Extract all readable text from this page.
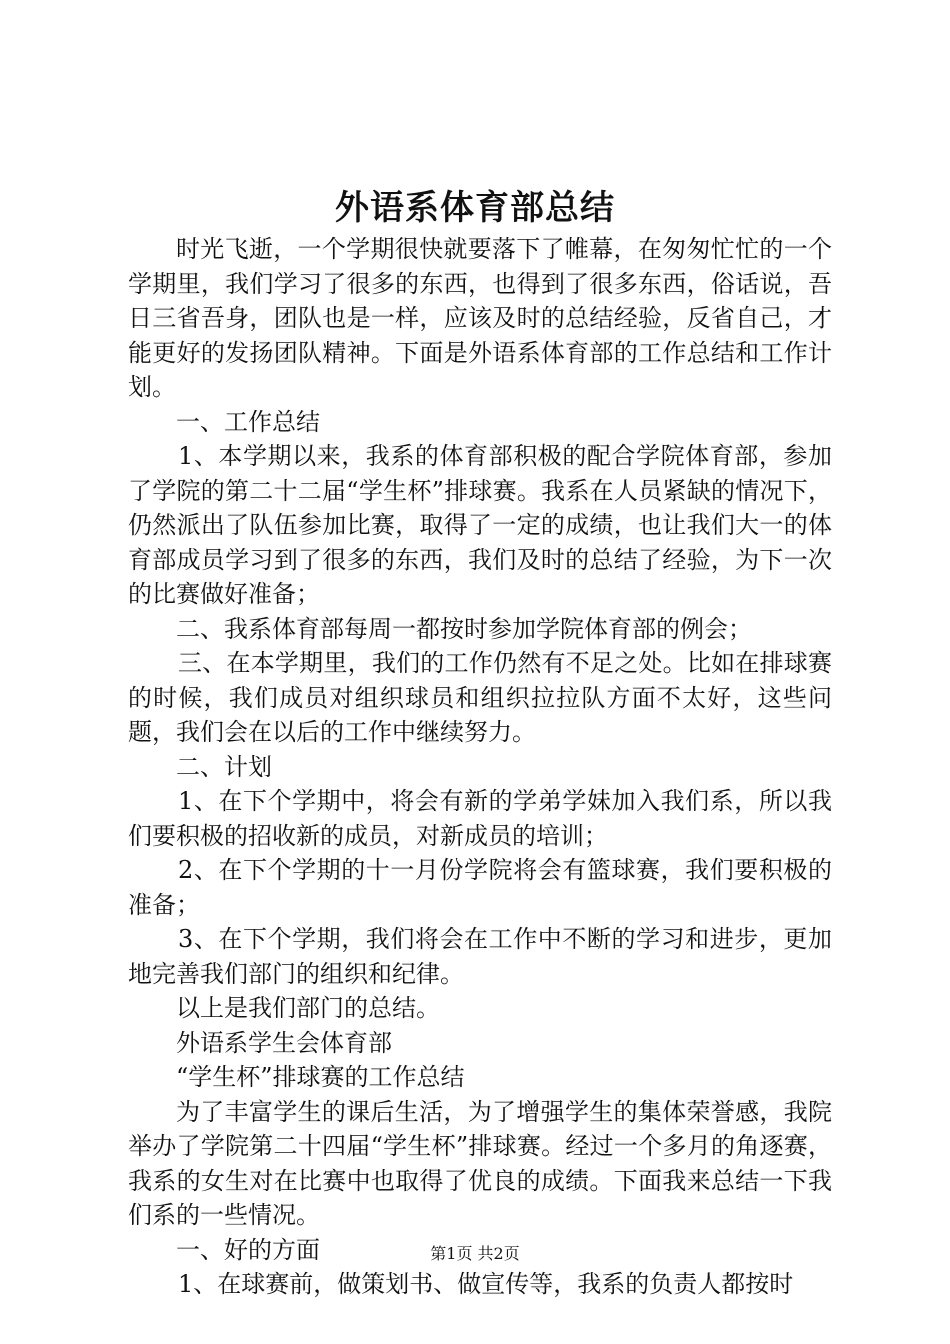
外语系体育部总结

时光飞逝，一个学期很快就要落下了帷幕，在匆匆忙忙的一个学期里，我们学习了很多的东西，也得到了很多东西，俗话说，吾日三省吾身，团队也是一样，应该及时的总结经验，反省自己，才能更好的发扬团队精神。下面是外语系体育部的工作总结和工作计划。

一、工作总结

1、本学期以来，我系的体育部积极的配合学院体育部，参加了学院的第二十二届“学生杯”排球赛。我系在人员紧缺的情况下，仍然派出了队伍参加比赛，取得了一定的成绩，也让我们大一的体育部成员学习到了很多的东西，我们及时的总结了经验，为下一次的比赛做好准备；

二、我系体育部每周一都按时参加学院体育部的例会；

三、在本学期里，我们的工作仍然有不足之处。比如在排球赛的时候，我们成员对组织球员和组织拉拉队方面不太好，这些问题，我们会在以后的工作中继续努力。

二、计划

1、在下个学期中，将会有新的学弟学妹加入我们系，所以我们要积极的招收新的成员，对新成员的培训；

2、在下个学期的十一月份学院将会有篮球赛，我们要积极的准备；

3、在下个学期，我们将会在工作中不断的学习和进步，更加地完善我们部门的组织和纪律。

以上是我们部门的总结。

外语系学生会体育部

“学生杯”排球赛的工作总结

为了丰富学生的课后生活，为了增强学生的集体荣誉感，我院举办了学院第二十四届“学生杯”排球赛。经过一个多月的角逐赛，我系的女生对在比赛中也取得了优良的成绩。下面我来总结一下我们系的一些情况。

一、好的方面

1、在球赛前，做策划书、做宣传等，我系的负责人都按时

第1页 共2页
